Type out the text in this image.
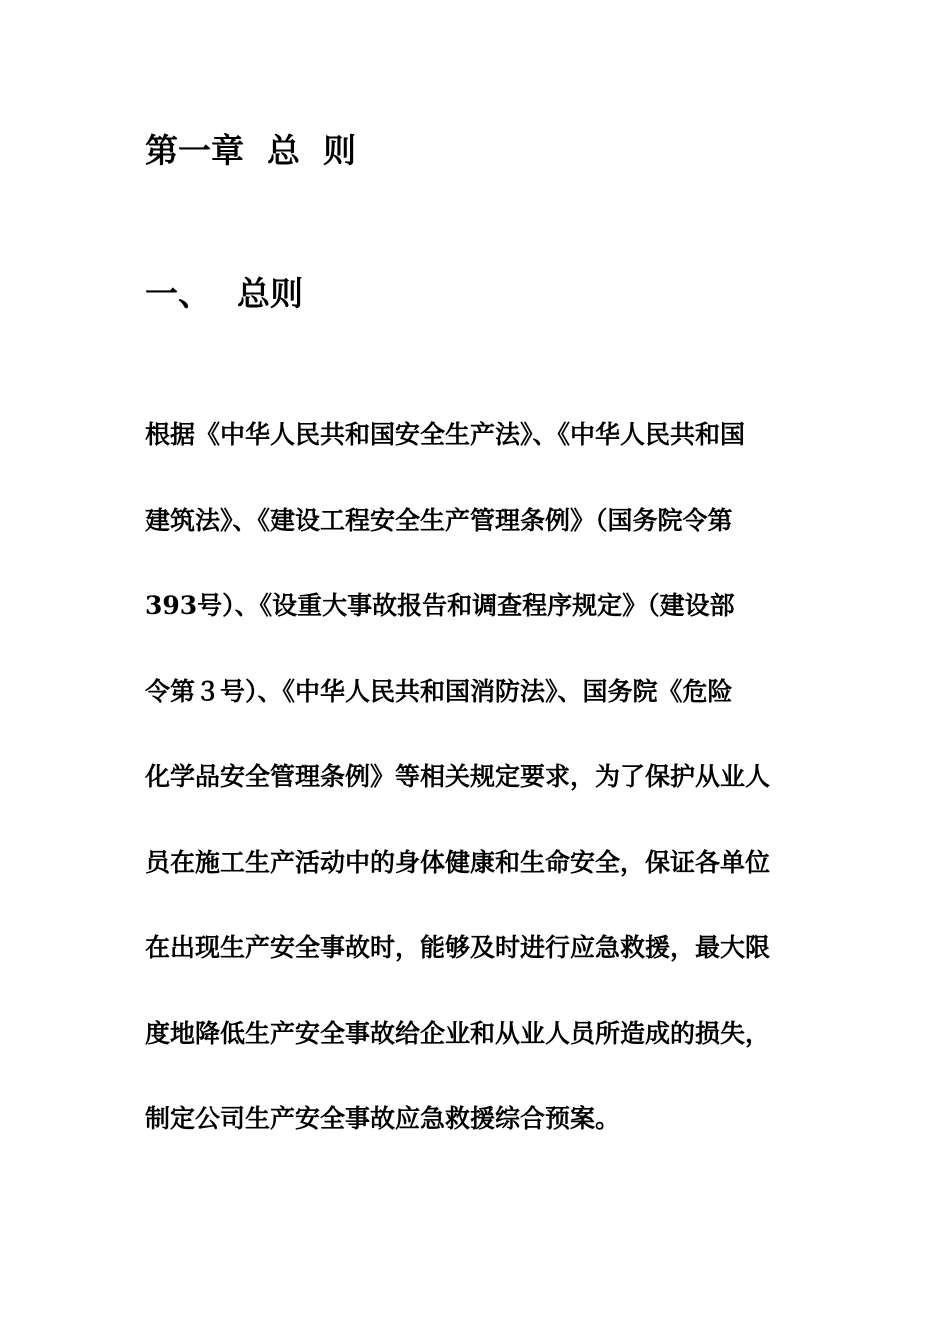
第一章  总  则
一、 总则
根据《中华人民共和国安全生产法》、《中华人民共和国
建筑法》、《建设工程安全生产管理条例》（国务院令第
393号）、《设重大事故报告和调查程序规定》（建设部
令第３号）、《中华人民共和国消防法》、国务院《危险
化学品安全管理条例》等相关规定要求，为了保护从业人
员在施工生产活动中的身体健康和生命安全，保证各单位
在出现生产安全事故时，能够及时进行应急救援，最大限
度地降低生产安全事故给企业和从业人员所造成的损失，
制定公司生产安全事故应急救援综合预案。
